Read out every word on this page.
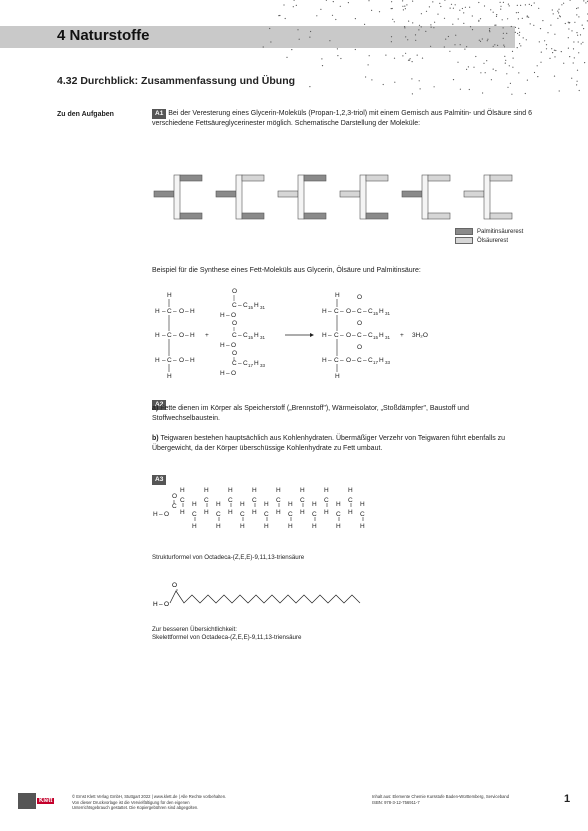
4 Naturstoffe
4.32 Durchblick: Zusammenfassung und Übung
Zu den Aufgaben	A1 Bei der Veresterung eines Glycerin-Moleküls (Propan-1,2,3-triol) mit einem Gemisch aus Palmitin- und Ölsäure sind 6 verschiedene Fettsäureglycerinester möglich. Schematische Darstellung der Moleküle:
Palmitinsäurerest
Ölsäurerest
Beispiel für die Synthese eines Fett-Moleküls aus Glycerin, Ölsäure und Palmitinsäure:
H
H – C – O – H
H – C – O – H
H – C – O – H
H
+
O
C – C 15 H 31
H – O
O
C – C 15 H 31
H – O
O
C – C 17 H 33
H – O
H
H – C – O – C – C 15 H 31
O
H – C – O – C – C 15 H 31
O
H – C – O – C – C 17 H 33
O
H
+ 3H₂O
A2
a) Fette dienen im Körper als Speicherstoff („Brennstoff"), Wärmeisolator, „Stoßdämpfer", Baustoff und Stoffwechselbaustein.
b) Teigwaren bestehen hauptsächlich aus Kohlenhydraten. Übermäßiger Verzehr von Teigwaren führt ebenfalls zu Übergewicht, da der Körper überschüssige Kohlenhydrate zu Fett umbaut.
A3
H – O
O
C
C
H
H C
H
H
C
H
H C
H
H
C
H
H C
H
H
C
H
H C
H
H
C
H
H C
H
H
C
H
H C
H
H
C
H
H C
H
H
C
H
H C
H
H
Strukturformel von Octadeca-(Z,E,E)-9,11,13-triensäure
H – O
O
Zur besseren Übersichtlichkeit:
Skelettformel von Octadeca-(Z,E,E)-9,11,13-triensäure
Klett
© Ernst Klett Verlag GmbH, Stuttgart 2022 | www.klett.de | Alle Rechte vorbehalten.
Von dieser Druckvorlage ist die Vervielfältigung für den eigenen
Unterrichtsgebrauch gestattet. Die Kopiergebühren sind abgegolten.
Inhalt aus: Elemente Chemie Kursstufe Baden-Württemberg, Serviceband
ISBN: 978-3-12-756911-7	1
